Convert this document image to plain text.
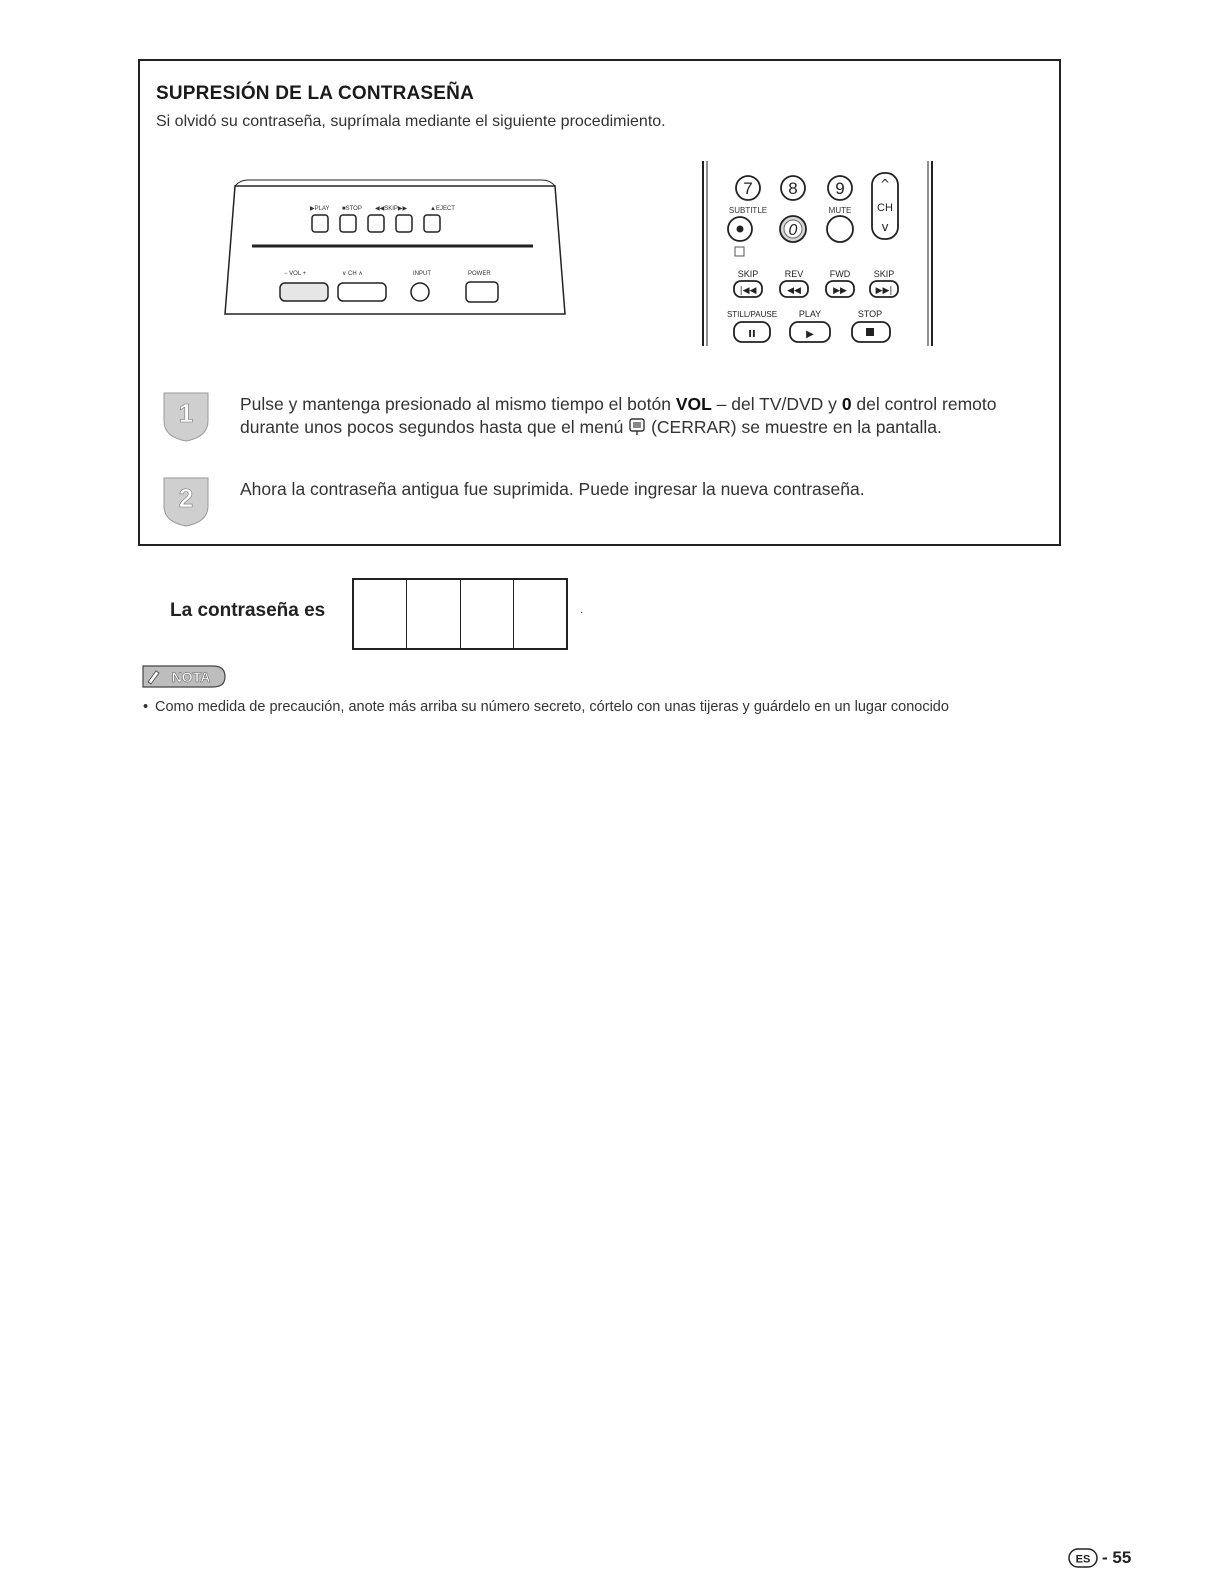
SUPRESIÓN DE LA CONTRASEÑA
Si olvidó su contraseña, suprímala mediante el siguiente procedimiento.
▶PLAY ■STOP ◀◀SKIP▶▶	▲EJECT
− VOL +	∨ CH ∧	INPUT	POWER
7 8 9	^
CH
v
SUBTITLE	MUTE
0
SKIP	REV	FWD	SKIP
|◀◀	◀◀	▶▶	▶▶|
STILL/PAUSE PLAY	STOP
II	▶
1	Pulse y mantenga presionado al mismo tiempo el botón VOL – del TV/DVD y 0 del control remoto
durante unos pocos segundos hasta que el menú  (CERRAR) se muestre en la pantalla.
2	Ahora la contraseña antigua fue suprimida. Puede ingresar la nueva contraseña.
La contraseña es	.
NOTA
• Como medida de precaución, anote más arriba su número secreto, córtelo con unas tijeras y guárdelo en un lugar conocido
ES - 55
